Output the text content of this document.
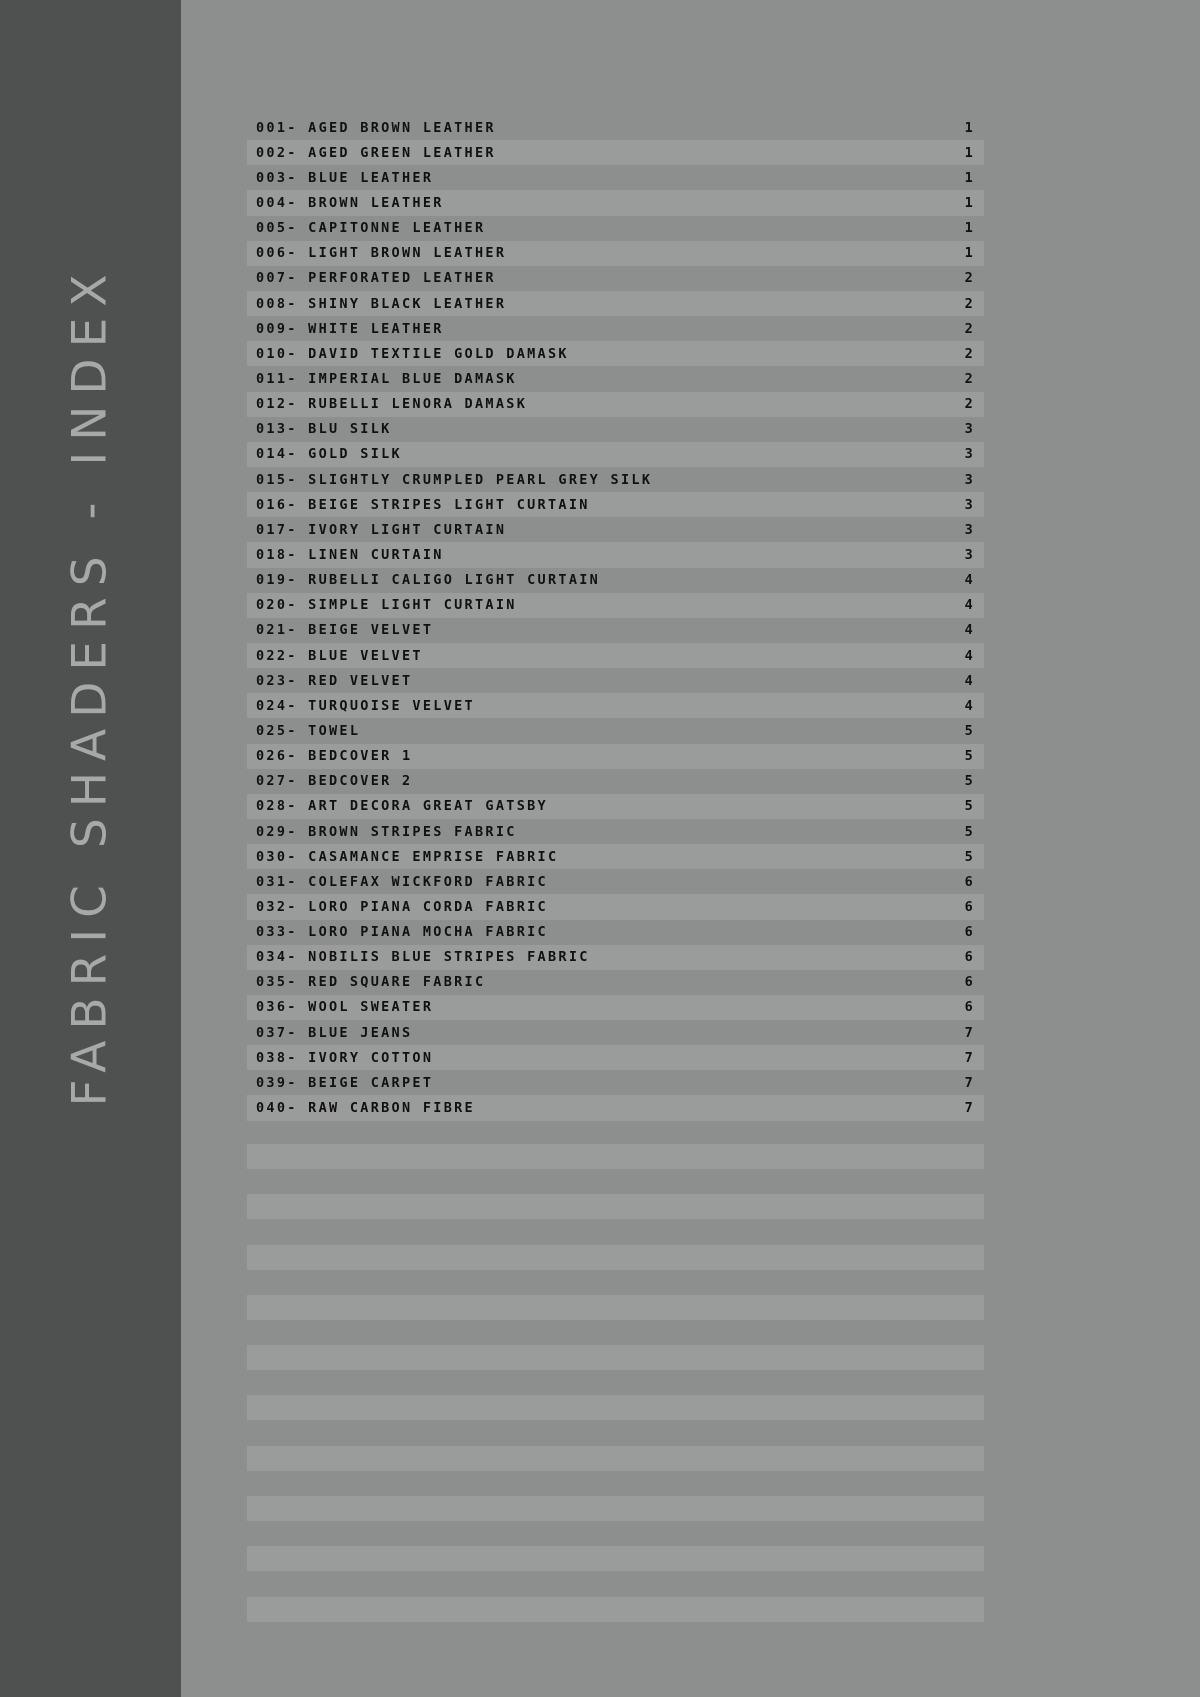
FABRIC SHADERS - INDEX
001- AGED BROWN LEATHER	1
002- AGED GREEN LEATHER	1
003- BLUE LEATHER	1
004- BROWN LEATHER	1
005- CAPITONNE LEATHER	1
006- LIGHT BROWN LEATHER	1
007- PERFORATED LEATHER	2
008- SHINY BLACK LEATHER	2
009- WHITE LEATHER	2
010- DAVID TEXTILE GOLD DAMASK	2
011- IMPERIAL BLUE DAMASK	2
012- RUBELLI LENORA DAMASK	2
013- BLU SILK	3
014- GOLD SILK	3
015- SLIGHTLY CRUMPLED PEARL GREY SILK	3
016- BEIGE STRIPES LIGHT CURTAIN	3
017- IVORY LIGHT CURTAIN	3
018- LINEN CURTAIN	3
019- RUBELLI CALIGO LIGHT CURTAIN	4
020- SIMPLE LIGHT CURTAIN	4
021- BEIGE VELVET	4
022- BLUE VELVET	4
023- RED VELVET	4
024- TURQUOISE VELVET	4
025- TOWEL	5
026- BEDCOVER 1	5
027- BEDCOVER 2	5
028- ART DECORA GREAT GATSBY	5
029- BROWN STRIPES FABRIC	5
030- CASAMANCE EMPRISE FABRIC	5
031- COLEFAX WICKFORD FABRIC	6
032- LORO PIANA CORDA FABRIC	6
033- LORO PIANA MOCHA FABRIC	6
034- NOBILIS BLUE STRIPES FABRIC	6
035- RED SQUARE FABRIC	6
036- WOOL SWEATER	6
037- BLUE JEANS	7
038- IVORY COTTON	7
039- BEIGE CARPET	7
040- RAW CARBON FIBRE	7
